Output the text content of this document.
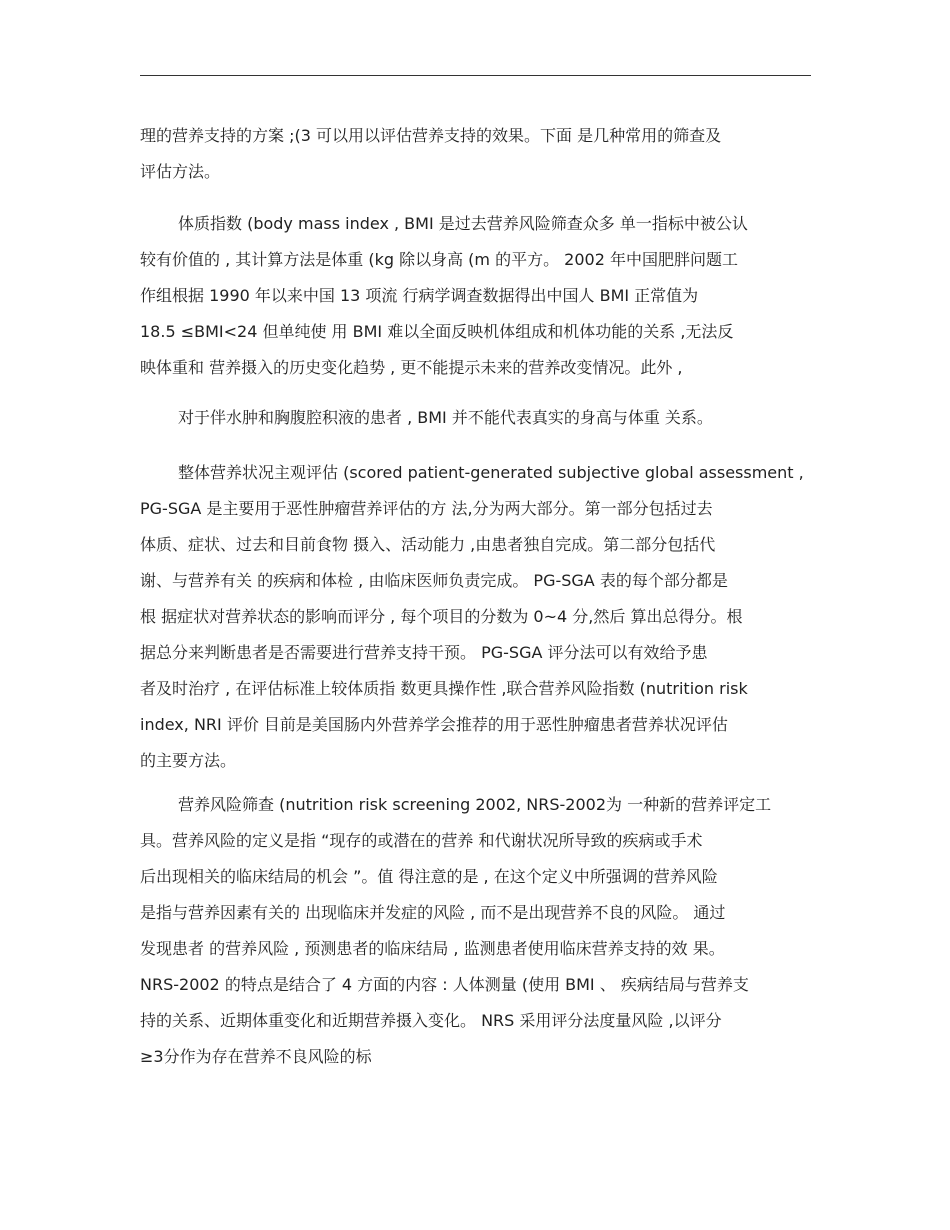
理的营养支持的方案 ;(3 可以用以评估营养支持的效果。下面 是几种常用的筛查及
评估方法。
体质指数 (body mass index , BMI 是过去营养风险筛查众多 单一指标中被公认
较有价值的 , 其计算方法是体重 (kg 除以身高 (m 的平方。 2002 年中国肥胖问题工
作组根据 1990 年以来中国 13 项流 行病学调查数据得出中国人 BMI 正常值为
18.5 ≤BMI<24 但单纯使 用 BMI 难以全面反映机体组成和机体功能的关系 ,无法反
映体重和 营养摄入的历史变化趋势 , 更不能提示未来的营养改变情况。此外 ,
对于伴水肿和胸腹腔积液的患者 , BMI 并不能代表真实的身高与体重 关系。
整体营养状况主观评估 (scored patient-generated subjective global assessment ,
PG-SGA 是主要用于恶性肿瘤营养评估的方 法,分为两大部分。第一部分包括过去
体质、症状、过去和目前食物 摄入、活动能力 ,由患者独自完成。第二部分包括代
谢、与营养有关 的疾病和体检 , 由临床医师负责完成。 PG-SGA 表的每个部分都是
根 据症状对营养状态的影响而评分 , 每个项目的分数为 0~4 分,然后 算出总得分。根
据总分来判断患者是否需要进行营养支持干预。 PG-SGA 评分法可以有效给予患
者及时治疗 , 在评估标准上较体质指 数更具操作性 ,联合营养风险指数 (nutrition risk
index, NRI 评价 目前是美国肠内外营养学会推荐的用于恶性肿瘤患者营养状况评估
的主要方法。
营养风险筛查 (nutrition risk screening 2002, NRS-2002为 一种新的营养评定工
具。营养风险的定义是指 “现存的或潜在的营养 和代谢状况所导致的疾病或手术
后出现相关的临床结局的机会 ”。值 得注意的是 , 在这个定义中所强调的营养风险
是指与营养因素有关的 出现临床并发症的风险 , 而不是出现营养不良的风险。 通过
发现患者 的营养风险 , 预测患者的临床结局 , 监测患者使用临床营养支持的效 果。
NRS-2002 的特点是结合了 4 方面的内容 : 人体测量 (使用 BMI 、 疾病结局与营养支
持的关系、近期体重变化和近期营养摄入变化。 NRS 采用评分法度量风险 ,以评分
≥3分作为存在营养不良风险的标
